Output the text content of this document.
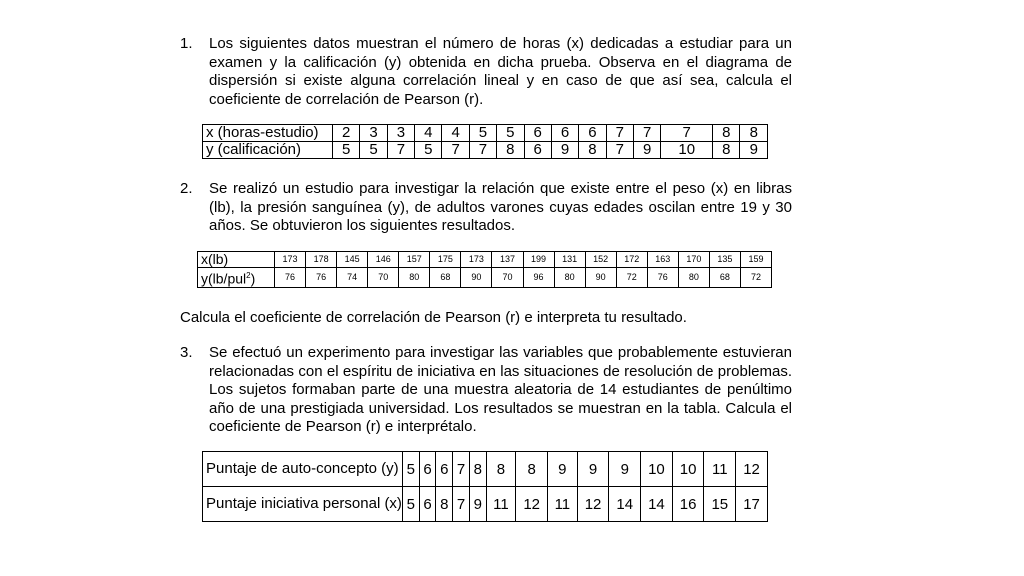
1. Los siguientes datos muestran el número de horas (x) dedicadas a estudiar para un examen y la calificación (y) obtenida en dicha prueba. Observa en el diagrama de dispersión si existe alguna correlación lineal y en caso de que así sea, calcula el coeficiente de correlación de Pearson (r).
x (horas-estudio)	2	3	3	4	4	5	5	6	6	6	7	7	7	8	8
y (calificación)	5	5	7	5	7	7	8	6	9	8	7	9	10	8	9
2. Se realizó un estudio para investigar la relación que existe entre el peso (x) en libras (lb), la presión sanguínea (y), de adultos varones cuyas edades oscilan entre 19 y 30 años. Se obtuvieron los siguientes resultados.
x(lb)	173	178	145	146	157	175	173	137	199	131	152	172	163	170	135	159
y(lb/pul$^2$)	76	76	74	70	80	68	90	70	96	80	90	72	76	80	68	72
Calcula el coeficiente de correlación de Pearson (r) e interpreta tu resultado.
3. Se efectuó un experimento para investigar las variables que probablemente estuvieran relacionadas con el espíritu de iniciativa en las situaciones de resolución de problemas. Los sujetos formaban parte de una muestra aleatoria de 14 estudiantes de penúltimo año de una prestigiada universidad. Los resultados se muestran en la tabla. Calcula el coeficiente de Pearson (r) e interprétalo.
Puntaje de auto-concepto (y)	5	6	6	7	8	8	8	9	9	9	10	10	11	12
Puntaje iniciativa personal (x)	5	6	8	7	9	11	12	11	12	14	14	16	15	17
